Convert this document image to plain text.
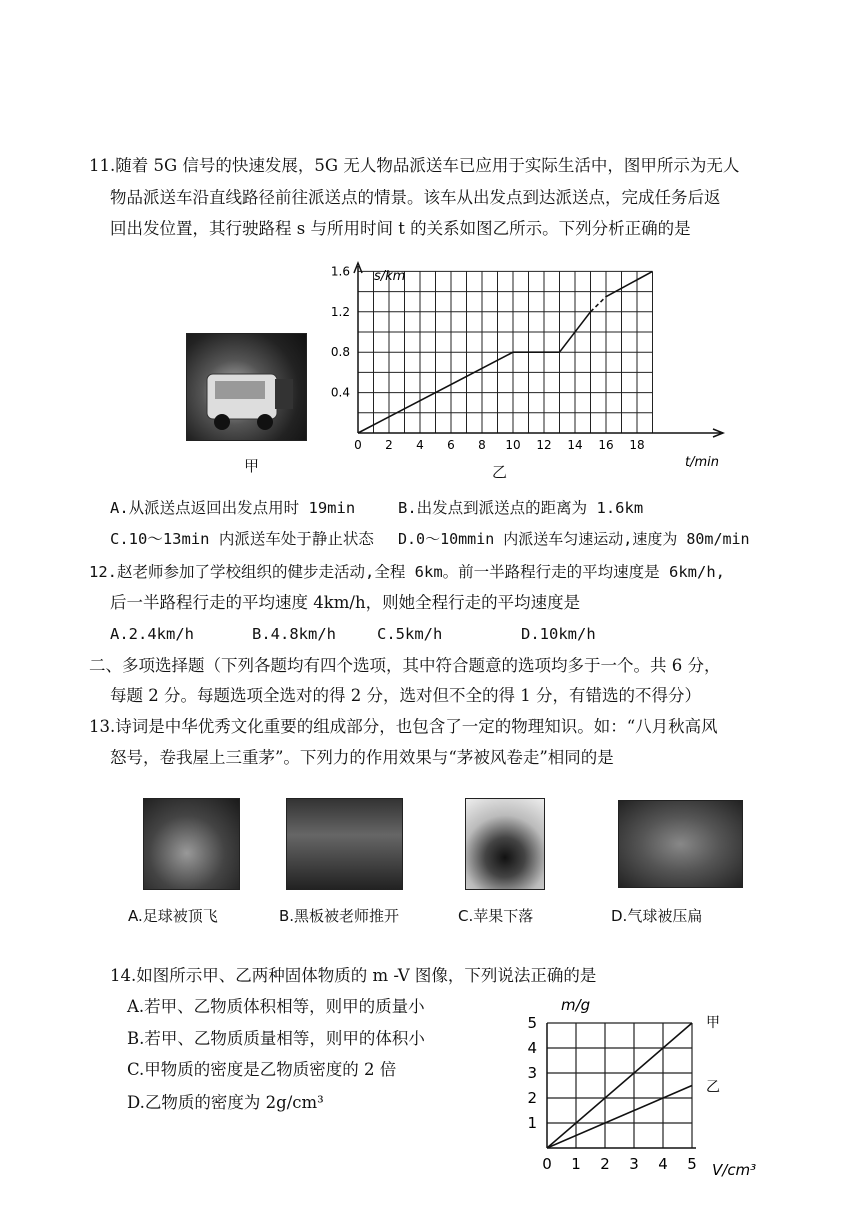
11.随着 5G 信号的快速发展，5G 无人物品派送车已应用于实际生活中，图甲所示为无人
物品派送车沿直线路径前往派送点的情景。该车从出发点到达派送点，完成任务后返
回出发位置，其行驶路程 s 与所用时间 t 的关系如图乙所示。下列分析正确的是
甲
s/km
t/min
0 2 4 6 8 10 12 14 16 18
0.4
0.8
1.2
1.6
乙
A.从派送点返回出发点用时 19min	B.出发点到派送点的距离为 1.6km
C.10～13min 内派送车处于静止状态 D.0～10mmin 内派送车匀速运动,速度为 80m/min
12.赵老师参加了学校组织的健步走活动,全程 6km。前一半路程行走的平均速度是 6km/h,
后一半路程行走的平均速度 4km/h，则她全程行走的平均速度是
A.2.4km/h	B.4.8km/h	C.5km/h	D.10km/h
二、多项选择题（下列各题均有四个选项，其中符合题意的选项均多于一个。共 6 分，
每题 2 分。每题选项全选对的得 2 分，选对但不全的得 1 分，有错选的不得分）
13.诗词是中华优秀文化重要的组成部分，也包含了一定的物理知识。如：“八月秋高风
怒号，卷我屋上三重茅”。下列力的作用效果与“茅被风卷走”相同的是
A.足球被顶飞	B.黑板被老师推开	C.苹果下落	D.气球被压扁
14.如图所示甲、乙两种固体物质的 m -V 图像，下列说法正确的是
A.若甲、乙物质体积相等，则甲的质量小
B.若甲、乙物质质量相等，则甲的体积小
C.甲物质的密度是乙物质密度的 2 倍
D.乙物质的密度为 2g/cm³
m/g
V/cm³
0 1 2 3 4 5
1
2
3
4
5	甲
乙
